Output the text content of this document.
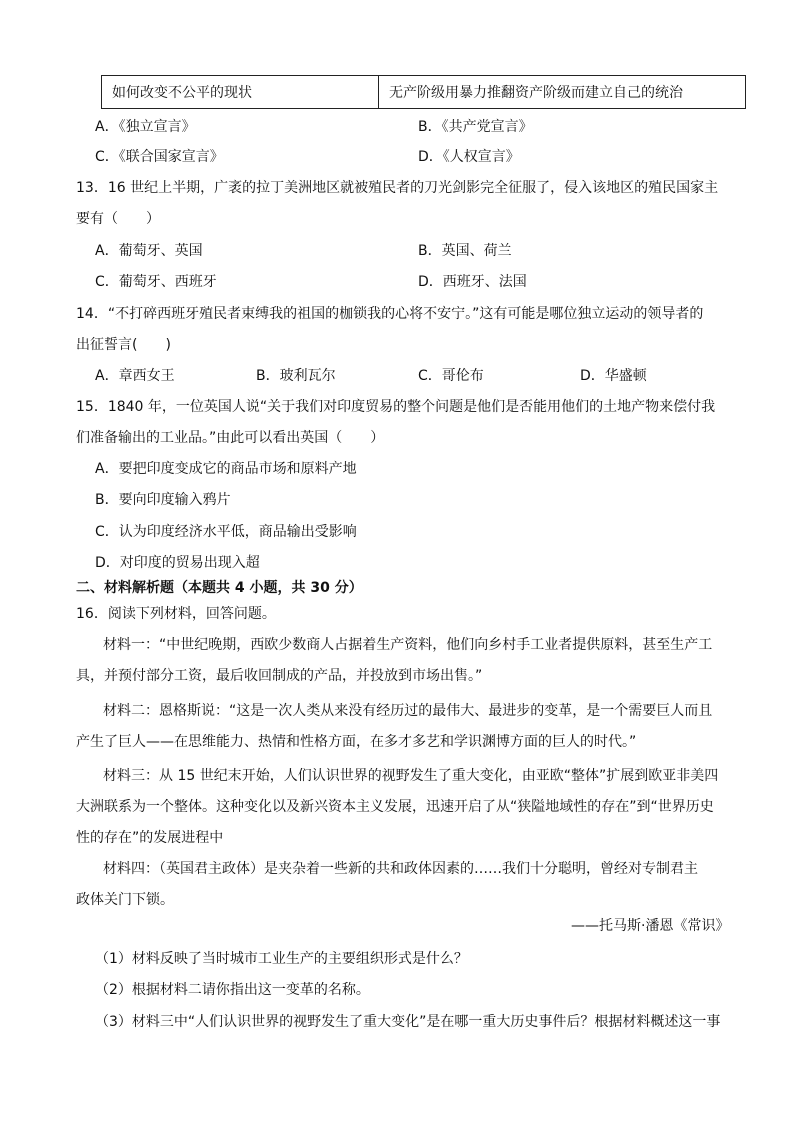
如何改变不公平的现状	无产阶级用暴力推翻资产阶级而建立自己的统治
A．《独立宣言》	B．《共产党宣言》
C．《联合国家宣言》	D．《人权宣言》
13．16 世纪上半期，广袤的拉丁美洲地区就被殖民者的刀光剑影完全征服了，侵入该地区的殖民国家主
要有（　　）
A．葡萄牙、英国	B．英国、荷兰
C．葡萄牙、西班牙	D．西班牙、法国
14．“不打碎西班牙殖民者束缚我的祖国的枷锁我的心将不安宁。”这有可能是哪位独立运动的领导者的
出征誓言(　　)
A．章西女王	B．玻利瓦尔	C．哥伦布	D．华盛顿
15．1840 年，一位英国人说“关于我们对印度贸易的整个问题是他们是否能用他们的土地产物来偿付我
们准备输出的工业品。”由此可以看出英国（　　）
A．要把印度变成它的商品市场和原料产地
B．要向印度输入鸦片
C．认为印度经济水平低，商品输出受影响
D．对印度的贸易出现入超
二、材料解析题（本题共 4 小题，共 30 分）
16．阅读下列材料，回答问题。
材料一：“中世纪晚期，西欧少数商人占据着生产资料，他们向乡村手工业者提供原料，甚至生产工
具，并预付部分工资，最后收回制成的产品，并投放到市场出售。”
材料二：恩格斯说：“这是一次人类从来没有经历过的最伟大、最进步的变革，是一个需要巨人而且
产生了巨人——在思维能力、热情和性格方面，在多才多艺和学识渊博方面的巨人的时代。”
材料三：从 15 世纪末开始，人们认识世界的视野发生了重大变化，由亚欧“整体”扩展到欧亚非美四
大洲联系为一个整体。这种变化以及新兴资本主义发展，迅速开启了从“狭隘地域性的存在”到“世界历史
性的存在”的发展进程中
材料四：（英国君主政体）是夹杂着一些新的共和政体因素的……我们十分聪明，曾经对专制君主
政体关门下锁。
——托马斯·潘恩《常识》
（1）材料反映了当时城市工业生产的主要组织形式是什么？
（2）根据材料二请你指出这一变革的名称。
（3）材料三中“人们认识世界的视野发生了重大变化”是在哪一重大历史事件后？根据材料概述这一事
